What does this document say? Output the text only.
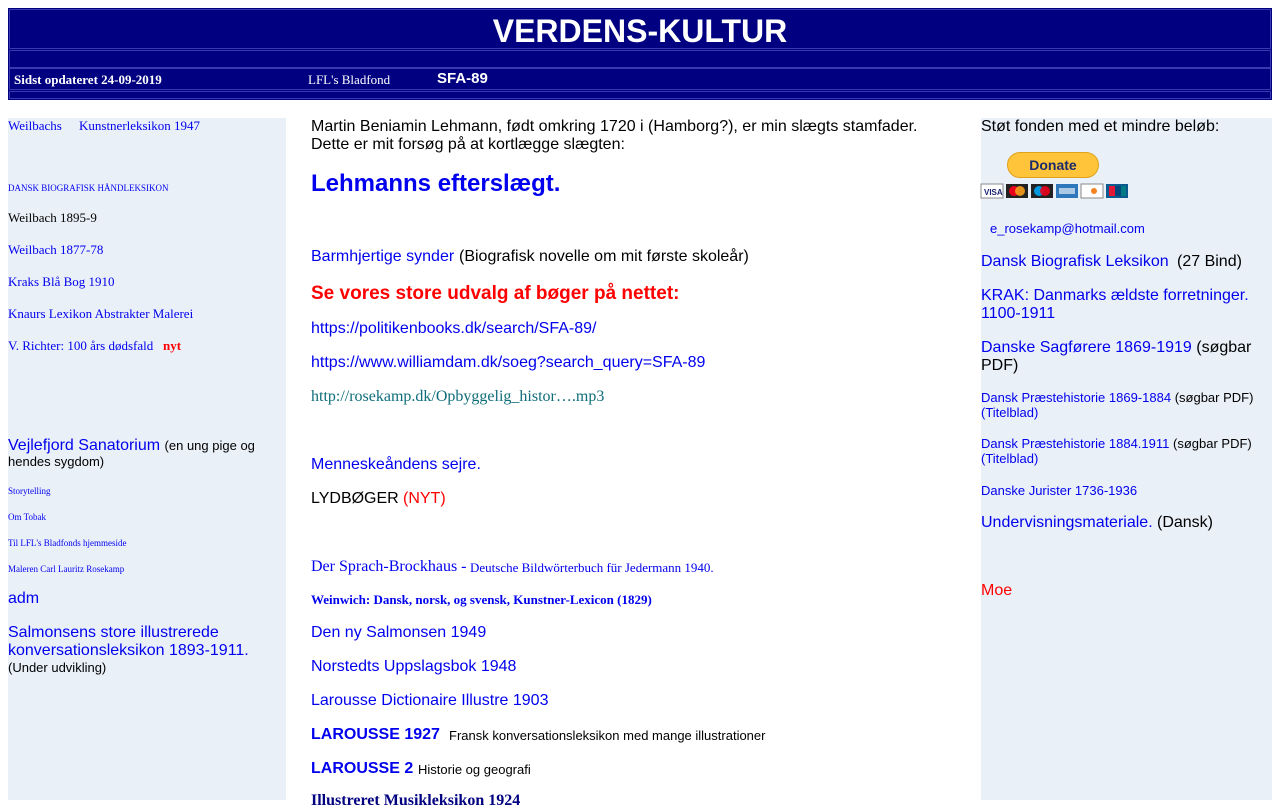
VERDENS-KULTUR
Sidst opdateret 24-09-2019	LFL's Bladfond	SFA-89
Weilbachs Kunstnerleksikon 1947
DANSK BIOGRAFISK HÅNDLEKSIKON
Weilbach 1895-9
Weilbach 1877-78
Kraks Blå Bog 1910
Knaurs Lexikon Abstrakter Malerei
V. Richter: 100 års dødsfald nyt
Vejlefjord Sanatorium (en ung pige og hendes sygdom)
Storytelling
Om Tobak
Til LFL's Bladfonds hjemmeside
Maleren Carl Lauritz Rosekamp
adm
Salmonsens store illustrerede konversationsleksikon 1893-1911.
(Under udvikling)
Martin Beniamin Lehmann, født omkring 1720 i (Hamborg?), er min slægts stamfader.
Dette er mit forsøg på at kortlægge slægten:
Lehmanns efterslægt.
Barmhjertige synder (Biografisk novelle om mit første skoleår)
Se vores store udvalg af bøger på nettet:
https://politikenbooks.dk/search/SFA-89/
https://www.williamdam.dk/soeg?search_query=SFA-89
http://rosekamp.dk/Opbyggelig_histor….mp3
Menneskeåndens sejre.
LYDBØGER (NYT)
Der Sprach-Brockhaus - Deutsche Bildwörterbuch für Jedermann 1940.
Weinwich: Dansk, norsk, og svensk, Kunstner-Lexicon (1829)
Den ny Salmonsen 1949
Norstedts Uppslagsbok 1948
Larousse Dictionaire Illustre 1903
LAROUSSE 1927 Fransk konversationsleksikon med mange illustrationer
LAROUSSE 2 Historie og geografi
Illustreret Musikleksikon 1924
Støt fonden med et mindre beløb:
Donate
VISA
e_rosekamp@hotmail.com
Dansk Biografisk Leksikon (27 Bind)
KRAK: Danmarks ældste forretninger. 1100-1911
Danske Sagførere 1869-1919 (søgbar PDF)
Dansk Præstehistorie 1869-1884 (søgbar PDF) (Titelblad)
Dansk Præstehistorie 1884.1911 (søgbar PDF) (Titelblad)
Danske Jurister 1736-1936
Undervisningsmateriale. (Dansk)
Moe
